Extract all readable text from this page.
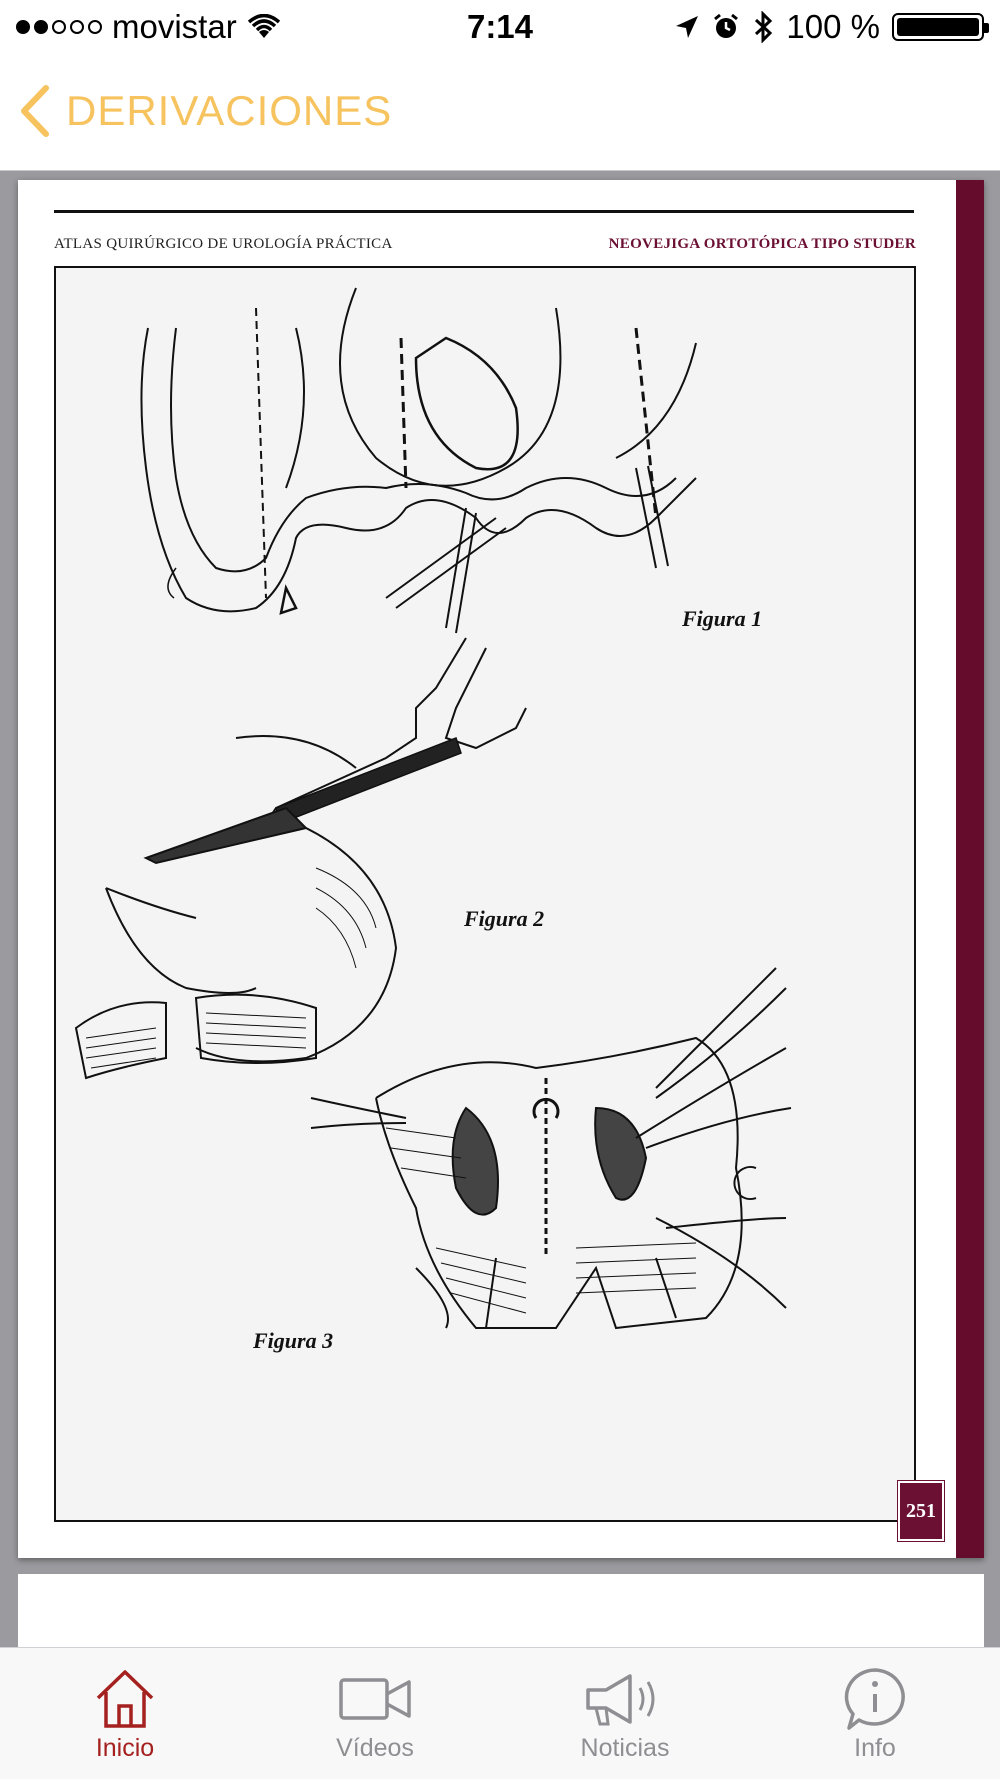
movistar	7:14	100 %
DERIVACIONES
ATLAS QUIRÚRGICO DE UROLOGÍA PRÁCTICA	NEOVEJIGA ORTOTÓPICA TIPO STUDER
Figura 1
Figura 2
Figura 3
251
Inicio	Vídeos	Noticias	Info
